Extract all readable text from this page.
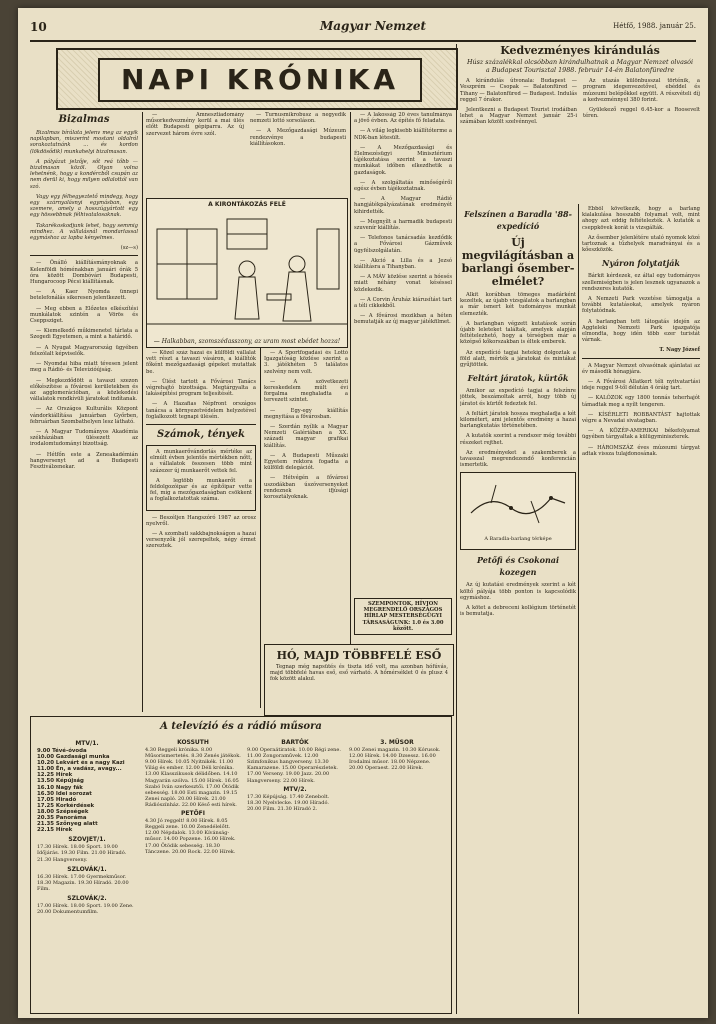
10	Magyar Nemzet	Hétfő, 1988. január 25.
NAPI KRÓNIKA
Bizalmas

Bizalmas bírálata jelenv meg az egyik napilapban, miszerint mostani oldalról sorakoztatnánk ... és kordon (lökdösődik) munkahelyi bizalmasan.

A pályázat jelzője, sőt reá tőbb — bizalmasan közöl. Olyan volna lehetnénk, hogy a kondércből csupán az nem derül ki, hogy milyen odlalottól van szó.

Vagy egy félhegyeztető mindegy, hogy egy szárnyalásnyi egymásban, egy szemere, amely a hosszúgyártott egy egy hössebbnak félhivatalosaknak.

Takarékoskodjunk lehet, hogy semmig mindhez. A vállalásnál mondarlassal egymáshoz az lapba kényelmes.

(sz—s)

— Önálló kiállításmányoknak a Kelenföldi hóménakban januári órák 5 óra között Dombóvári Budapesti, Hungarocoop Pécsi kiállításnak.

— A Kaer Nyomda ünnepi betelefonálás sikeresen jelentkezett.

— Meg ebben a Előzetes elkészítési munkálatok szintén a Vörös és Cseppsziget.

— Kiemelkedő műkimenetel tárlata a Szegedi Egyetemen, a mint a határidő.

— A Nyugat Magyarország ügyében felszólalt képviselők.

— Nyomdai hiba miatt tévesen jelent meg a Rádió- és Televízióújság.

— Megkezdődött a tavaszi szezon előkészítése a fővárosi kerületekben és az agglomerációban, a közlekedési vállalatok rendkívüli járatokat indítanak.

— Az Országos Kulturális Központ vándorkiállítása januárban Győrben, februárban Szombathelyen lesz látható.

— A Magyar Tudományos Akadémia székházában ülésezett az irodalomtudományi bizottság.

— Hétfőn este a Zeneakadémián hangversenyt ad a Budapesti Fesztiválzenekar.

— Amnesztiadomány műsorkedvezmény kerül a mai ülés előtt Budapesti gépiparra. Az új szervezet három évre szól.

— Turnusmikrobusz a negyedik nemzeti lottó sorsoláson.

— A Mezőgazdasági Múzeum rendezvénye a budapesti kiállításokon.

A KIRONTÁKOZÁS FELÉ
— Halkabban, szomszédasszony, az uram most ebédet hozza!

— Közel száz hazai és külföldi vállalat vett részt a tavaszi vásáron, a kiállítók főként mezőgazdasági gépeket mutattak be.

— Ülést tartott a Fővárosi Tanács végrehajtó bizottsága. Megtárgyalta a lakásépítési program teljesítését.

— A Hazafias Népfront országos tanácsa a környezetvédelem helyzetével foglalkozott tegnapi ülésén.

Számok, tények

A munkaerővándorlás mértéke az elmúlt évben jelentős mértékben nőtt, a vállalatok összesen több mint százezer új munkaerőt vettek fel.

A legtöbb munkaerőt a feldolgozóipar és az építőipar vette fel, míg a mezőgazdaságban csökkent a foglalkoztatottak száma.

— Beszéljen Hangszóró 1987 az orosz nyelvről.

— A szombati sakkbajnokságon a hazai versenyzők jól szerepeltek, négy érmet szereztek.

— A Sportfogadási és Lottó Igazgatóság közlése szerint a 3. játékhéten 5 találatos szelvény nem volt.

— A szövetkezeti kereskedelem múlt évi forgalma meghaladta a tervezett szintet.

— Egy-egy kiállítás megnyitása a fővárosban.

— Szerdán nyílik a Magyar Nemzeti Galériában a XX. századi magyar grafikai kiállítás.

— A Budapesti Műszaki Egyetem rektora fogadta a külföldi delegációt.

— Hétvégén a fővárosi uszodákban úszóversenyeket rendeznek ifjúsági korosztályoknak.

— A lakosság 20 éves tanulmánya a jövő évben. Az építés fő feladata.

— A világ legkisebb kiállítóterme a NDK-ban létesült.

— A Mezőgazdasági és Élelmezésügyi Minisztérium tájékoztatása szerint a tavaszi munkákat időben elkezdhetik a gazdaságok.

— A szolgáltatás minőségéről egész évben tájékoztatnak.

— A Magyar Rádió hangjátékpályázatának eredményét kihirdették.

— Megnyílt a harmadik budapesti szuvenír kiállítás.

— Telefonos tanácsadás kezdődik a Fővárosi Gázművek ügyfélszolgálatán.

— Akció a Lilla és a Jezsó kiállításra a Tihanyban.

— A MÁV közlése szerint a hóesés miatt néhány vonat késéssel közlekedik.

— A Corvin Áruház kiárusítást tart a téli cikkekből.

— A fővárosi mozikban a héten bemutatják az új magyar játékfilmet.

A televízió és a rádió műsora
MTV/1.
9.00 Tévé-óvoda
10.00 Gazdasági munka
10.20 Lekvárt és a nagy Kazi
11.00 Én, a vadász, avagy...
12.25 Hírek
13.50 Képújság
16.10 Nagy fák
16.30 Idei sorozat
17.05 Hiradó
17.25 Korkérdések
18.00 Szépségek
20.35 Panoráma
21.35 Szőnyeg alatt
22.15 Hírek
SZOVJET/1.
17.30 Hírek. 18.00 Sport. 19.00 Időjárás. 19.30 Film. 21.00 Híradó. 21.30 Hangverseny.
SZLOVÁK/1.
16.30 Hírek. 17.00 Gyermekműsor. 18.30 Magazin. 19.30 Híradó. 20.00 Film.
SZLOVÁK/2.
17.00 Hírek. 18.00 Sport. 19.00 Zene. 20.00 Dokumentumfilm.
KOSSUTH
4.30 Reggeli krónika. 8.00 Műsorismertetés. 8.30 Zenés játékok. 9.00 Hírek. 10.05 Nyitnikék. 11.00 Világ és ember. 12.00 Déli krónika. 13.00 Klasszikusok délidőben. 14.10 Magyarán szólva. 15.00 Hírek. 16.05 Szabó Iván szerkesztői. 17.00 Ötödik sebesség. 18.00 Esti magazin. 19.15 Zenei napló. 20.00 Hírek. 21.00 Rádiószínház. 22.00 Késő esti hírek.
PETŐFI
4.30 Jó reggelt! 8.00 Hírek. 8.05 Reggeli zene. 10.00 Zenedélelőtt. 12.00 Népdalok. 13.00 Kívánság-műsor. 14.00 Popzene. 16.00 Hírek. 17.00 Ötödik sebesség. 18.30 Tánczene. 20.00 Rock. 22.00 Hírek.
BARTÓK
9.00 Operaátiratok. 10.00 Régi zene. 11.00 Zongoraművek. 12.00 Szimfonikus hangverseny. 13.30 Kamarazene. 15.00 Operarészletek. 17.00 Verseny. 19.00 Jazz. 20.00 Hangverseny. 22.00 Hírek.
MTV/2.
17.30 Képújság. 17.40 Zenebolt. 18.30 Nyelvlecke. 19.00 Híradó. 20.00 Film. 21.30 Híradó 2.
3. MŰSOR
9.00 Zenei magazin. 10.30 Kórusok. 12.00 Hírek. 14.00 Dzsessz. 16.00 Irodalmi műsor. 18.00 Népzene. 20.00 Operaest. 22.00 Hírek.
HÓ, MAJD TÖBBFELÉ ESŐ

Tegnap még napsütés és tiszta idő volt, ma azonban hófúvás, majd többfelé havas eső, eső várható. A hőmérséklet 0 és plusz 4 fok között alakul.

SZEMPONTOK, HÍVJON MEGRENDELŐ ORSZÁGOS HÍRLAP MESTERSÉGÜGYI TÁRSASÁGUNK: 1.0 és 3.00 között.
Kedvezményes kirándulás
Húsz százalékkal olcsóbban kirándulhatnak a Magyar Nemzet olvasói a Budapest Tourisztal 1988. február 14-én Balatonfüredre

A kirándulás útvonala: Budapest — Veszprém — Csopak — Balatonfüred — Tihany — Balatonfüred — Budapest. Indulás reggel 7 órakor.

Jelentkezni a Budapest Tourist irodáiban lehet a Magyar Nemzet január 25-i számában közölt szelvénnyel.

Az utazás különbusszal történik, a program idegenvezetővel, ebéddel és múzeumi belépőkkel együtt. A részvételi díj a kedvezménnyel 380 forint.

Gyülekező reggel 6.45-kor a Roosevelt téren.

Felszínen a Baradla '88-expedíció
Új megvilágításban a barlangi ősember-elmélet?

Alkit korábban tömeges madárként kezeltek, az újabb vizsgálatok a barlangban a már ismert két tudományos munkát elemezték.

A barlangban végzett kutatások során újabb leleteket találtak, amelyek alapján feltételezhető, hogy a térségben már a középső kőkorszakban is éltek emberek.

Az expedíció tagjai hetekig dolgoztak a föld alatt, mérték a járatokat és mintákat gyűjtöttek.

Feltárt járatok, kürtők

Amikor az expedíció tagjai a felszínre jöttek, beszámoltak arról, hogy több új járatot és kürtőt fedeztek fel.

A feltárt járatok hossza meghaladja a két kilométert, ami jelentős eredmény a hazai barlangkutatás történetében.

A kutatók szerint a rendszer még további részeket rejthet.

Az eredményeket a szakemberek a tavasszal megrendezendő konferencián ismertetik.

A Baradla-barlang térképe
Petőfi és Csokonai kozegen

Az új kutatási eredmények szerint a két költő pályája több ponton is kapcsolódik egymáshoz.

A kötet a debreceni kollégium történetét is bemutatja.

Ebből következik, hogy a barlang kialakulása hosszabb folyamat volt, mint ahogy azt eddig feltételezték. A kutatók a cseppkövek korát is vizsgálták.

Az ősember jelenlétére utaló nyomok közé tartoznak a tűzhelyek maradványai és a kőeszközök.

Nyáron folytatják

Bárkit kérdezek, ez által egy tudományos szellemiségben is jelen lesznek ugyanazok a rendszeres kutatók.

A Nemzeti Park vezetése támogatja a további kutatásokat, amelyek nyáron folytatódnak.

A barlangban tett látogatás idején az Aggteleki Nemzeti Park igazgatója elmondta, hogy idén több ezer turistát várnak.

T. Nagy József

A Magyar Nemzet olvasóinak ajánlatai az év második hónapjára.

— A Fővárosi Állatkert téli nyitvatartási ideje reggel 9-től délután 4 óráig tart.

— KALÓZOK egy 1800 tonnás teherhajót támadtak meg a nyílt tengeren.

— KÍSÉRLETI ROBBANTÁST hajtottak végre a Nevadai sivatagban.

— A KÖZÉP-AMERIKAI békefolyamat ügyében tárgyaltak a külügyminiszterek.

— HÁROMSZÁZ éves múzeumi tárgyat adtak vissza tulajdonosának.
